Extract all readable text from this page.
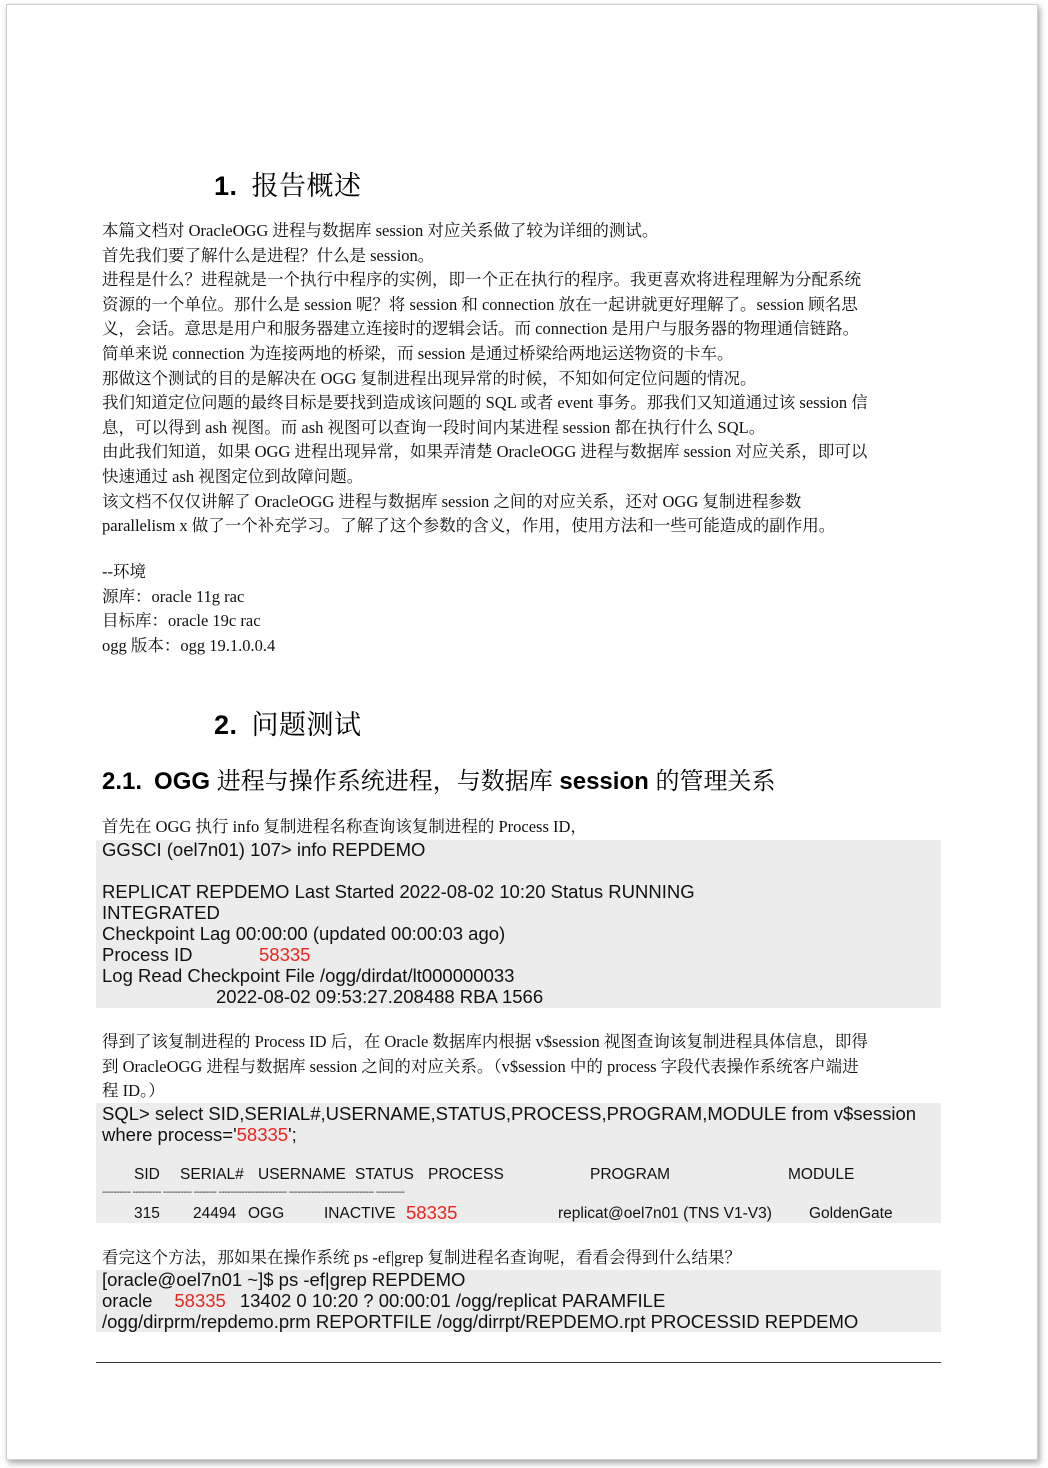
1. 报告概述
本篇文档对 OracleOGG 进程与数据库 session 对应关系做了较为详细的测试。
首先我们要了解什么是进程？什么是 session。
进程是什么？进程就是一个执行中程序的实例，即一个正在执行的程序。我更喜欢将进程理解为分配系统
资源的一个单位。那什么是 session 呢？将 session 和 connection 放在一起讲就更好理解了。session 顾名思
义，会话。意思是用户和服务器建立连接时的逻辑会话。而 connection 是用户与服务器的物理通信链路。
简单来说 connection 为连接两地的桥梁，而 session 是通过桥梁给两地运送物资的卡车。
那做这个测试的目的是解决在 OGG 复制进程出现异常的时候，不知如何定位问题的情况。
我们知道定位问题的最终目标是要找到造成该问题的 SQL 或者 event 事务。那我们又知道通过该 session 信
息，可以得到 ash 视图。而 ash 视图可以查询一段时间内某进程 session 都在执行什么 SQL。
由此我们知道，如果 OGG 进程出现异常，如果弄清楚 OracleOGG 进程与数据库 session 对应关系，即可以
快速通过 ash 视图定位到故障问题。
该文档不仅仅讲解了 OracleOGG 进程与数据库 session 之间的对应关系，还对 OGG 复制进程参数
parallelism x 做了一个补充学习。了解了这个参数的含义，作用，使用方法和一些可能造成的副作用。
--环境
源库：oracle 11g rac
目标库：oracle 19c rac
ogg 版本：ogg 19.1.0.0.4
2. 问题测试
2.1. OGG 进程与操作系统进程，与数据库 session 的管理关系
首先在 OGG 执行 info 复制进程名称查询该复制进程的 Process ID，
GGSCI (oel7n01) 107> info REPDEMO
REPLICAT REPDEMO Last Started 2022-08-02 10:20 Status RUNNING
INTEGRATED
Checkpoint Lag 00:00:00 (updated 00:00:03 ago)
Process ID	58335
Log Read Checkpoint File /ogg/dirdat/lt000000033
2022-08-02 09:53:27.208488 RBA 1566
得到了该复制进程的 Process ID 后，在 Oracle 数据库内根据 v$session 视图查询该复制进程具体信息，即得
到 OracleOGG 进程与数据库 session 之间的对应关系。（v$session 中的 process 字段代表操作系统客户端进
程 ID。）
SQL> select SID,SERIAL#,USERNAME,STATUS,PROCESS,PROGRAM,MODULE from v$session
where process='58335';
SID SERIAL# USERNAME STATUS PROCESS	PROGRAM	MODULE
---------- ---------- ---------- -------- ------------------------ ------------------------------ ----------
315 24494 OGG	INACTIVE 58335	replicat@oel7n01 (TNS V1-V3) GoldenGate
看完这个方法，那如果在操作系统 ps -ef|grep 复制进程名查询呢，看看会得到什么结果？
[oracle@oel7n01 ~]$ ps -ef|grep REPDEMO
oracle 58335 13402 0 10:20 ? 00:00:01 /ogg/replicat PARAMFILE
/ogg/dirprm/repdemo.prm REPORTFILE /ogg/dirrpt/REPDEMO.rpt PROCESSID REPDEMO
